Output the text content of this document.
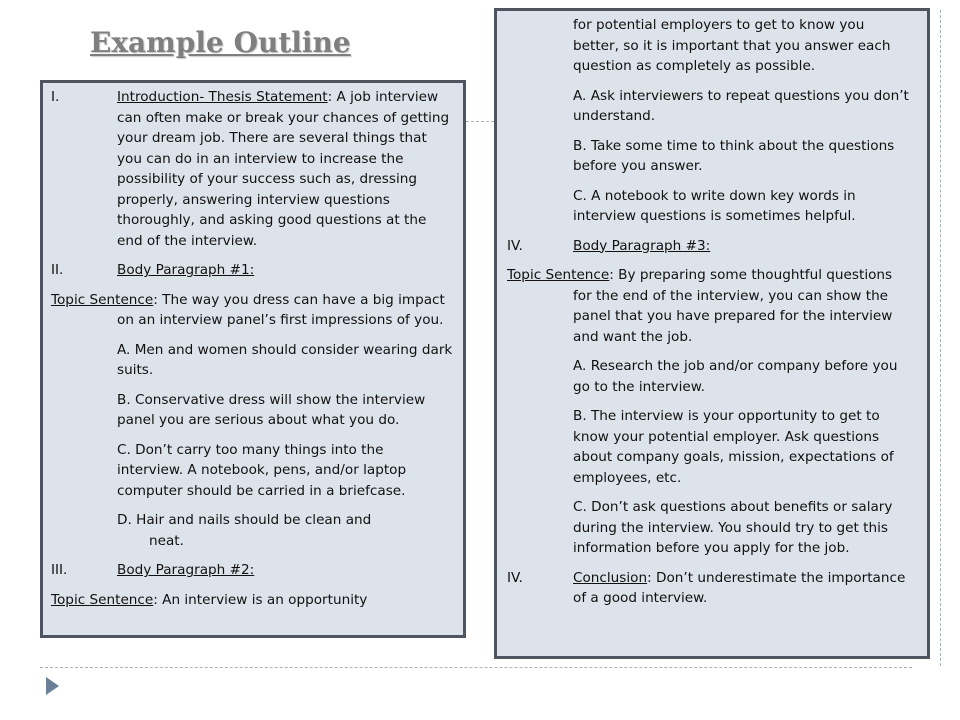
Example Outline
I.	Introduction- Thesis Statement: A job interview can often make or break your chances of getting your dream job. There are several things that you can do in an interview to increase the possibility of your success such as, dressing properly, answering interview questions thoroughly, and asking good questions at the end of the interview.
II.	Body Paragraph #1:
Topic Sentence: The way you dress can have a big impact on an interview panel’s first impressions of you.
A. Men and women should consider wearing dark suits.
B. Conservative dress will show the interview panel you are serious about what you do.
C. Don’t carry too many things into the interview. A notebook, pens, and/or laptop computer should be carried in a briefcase.
D. Hair and nails should be clean and
neat.
III.	Body Paragraph #2:
Topic Sentence: An interview is an opportunity
for potential employers to get to know you better, so it is important that you answer each question as completely as possible.
A. Ask interviewers to repeat questions you don’t understand.
B. Take some time to think about the questions before you answer.
C. A notebook to write down key words in interview questions is sometimes helpful.
IV.	Body Paragraph #3:
Topic Sentence: By preparing some thoughtful questions for the end of the interview, you can show the panel that you have prepared for the interview and want the job.
A. Research the job and/or company before you go to the interview.
B. The interview is your opportunity to get to know your potential employer. Ask questions about company goals, mission, expectations of employees, etc.
C. Don’t ask questions about benefits or salary during the interview. You should try to get this information before you apply for the job.
IV.	Conclusion: Don’t underestimate the importance of a good interview.
